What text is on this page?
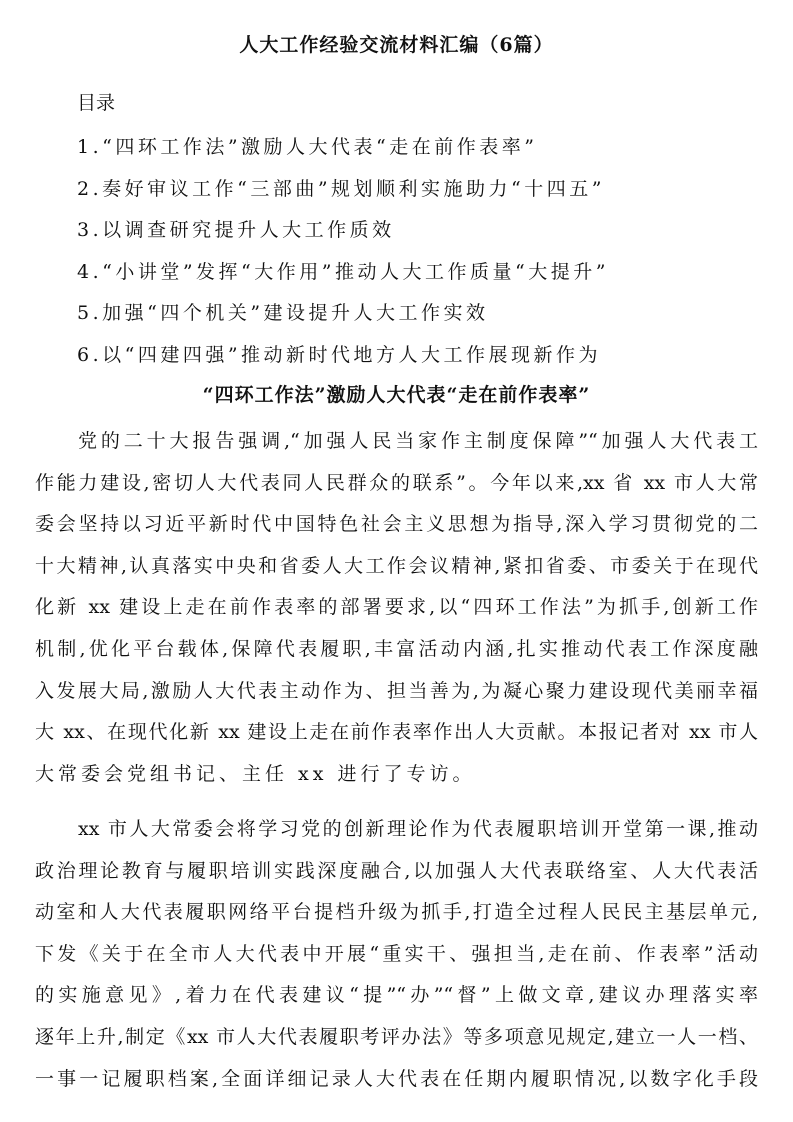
人大工作经验交流材料汇编（6篇）
目录
1.“四环工作法”激励人大代表“走在前作表率”
2.奏好审议工作“三部曲”规划顺利实施助力“十四五”
3.以调查研究提升人大工作质效
4.“小讲堂”发挥“大作用”推动人大工作质量“大提升”
5.加强“四个机关”建设提升人大工作实效
6.以“四建四强”推动新时代地方人大工作展现新作为
“四环工作法”激励人大代表“走在前作表率”
党的二十大报告强调,“加强人民当家作主制度保障”“加强人大代表工
作能力建设,密切人大代表同人民群众的联系”。今年以来,xx 省 xx 市人大常
委会坚持以习近平新时代中国特色社会主义思想为指导,深入学习贯彻党的二
十大精神,认真落实中央和省委人大工作会议精神,紧扣省委、市委关于在现代
化新 xx 建设上走在前作表率的部署要求,以“四环工作法”为抓手,创新工作
机制,优化平台载体,保障代表履职,丰富活动内涵,扎实推动代表工作深度融
入发展大局,激励人大代表主动作为、担当善为,为凝心聚力建设现代美丽幸福
大 xx、在现代化新 xx 建设上走在前作表率作出人大贡献。本报记者对 xx 市人
大常委会党组书记、主任 xx 进行了专访。
xx 市人大常委会将学习党的创新理论作为代表履职培训开堂第一课,推动
政治理论教育与履职培训实践深度融合,以加强人大代表联络室、人大代表活
动室和人大代表履职网络平台提档升级为抓手,打造全过程人民民主基层单元,
下发《关于在全市人大代表中开展“重实干、强担当,走在前、作表率”活动
的实施意见》,着力在代表建议“提”“办”“督”上做文章,建议办理落实率
逐年上升,制定《xx 市人大代表履职考评办法》等多项意见规定,建立一人一档、
一事一记履职档案,全面详细记录人大代表在任期内履职情况,以数字化手段
